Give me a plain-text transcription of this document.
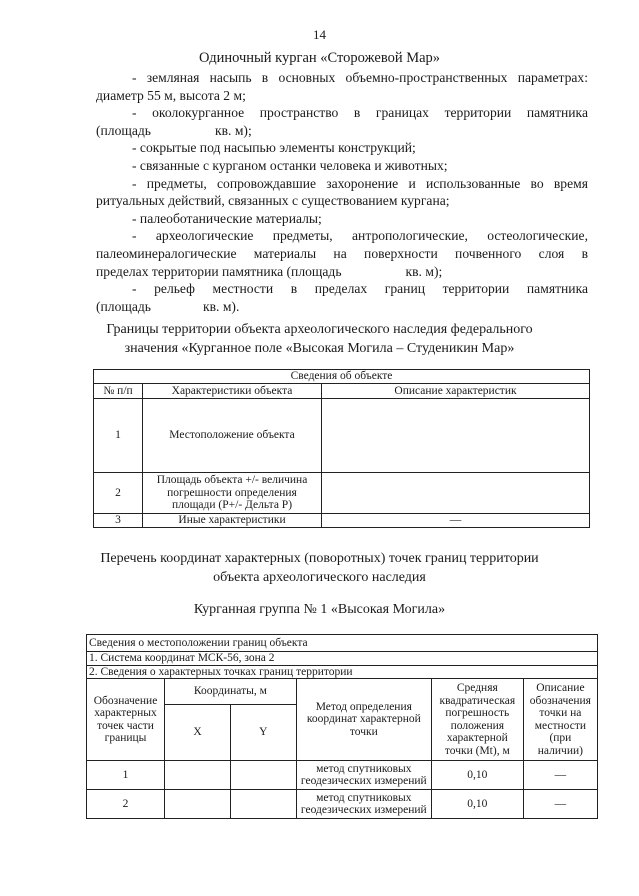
14
Одиночный курган «Сторожевой Мар»

- земляная насыпь в основных объемно-пространственных параметрах:

диаметр 55 м, высота 2 м;

- околокурганное пространство в границах территории памятника

(площадь	кв. м);

- сокрытые под насыпью элементы конструкций;

- связанные с курганом останки человека и животных;

- предметы, сопровождавшие захоронение и использованные во время

ритуальных действий, связанных с существованием кургана;

- палеоботанические материалы;

- археологические предметы, антропологические, остеологические,

палеоминералогические материалы на поверхности почвенного слоя в

пределах территории памятника (площадь	кв. м);

- рельеф местности в пределах границ территории памятника

(площадь	кв. м).

Границы территории объекта археологического наследия федерального
значения «Курганное поле «Высокая Могила – Студеникин Мар»
Сведения об объекте		
№ п/п	Характеристики объекта	Описание характеристик
1	Местоположение объекта	
2	Площадь объекта +/- величина погрешности определения площади (Р+/- Дельта Р)	
3	Иные характеристики	—
Перечень координат характерных (поворотных) точек границ территории
объекта археологического наследия
Курганная группа № 1 «Высокая Могила»
Сведения о местоположении границ объекта					
1. Система координат МСК-56, зона 2					
2. Сведения о характерных точках границ территории					
Обозначение характерных точек части границы	Координаты, м		Метод определения координат характерной точки	Средняя квадратическая погрешность положения характерной точки (Mt), м	Описание обозначения точки на местности (при наличии)
	X	Y			
1			метод спутниковых геодезических измерений	0,10	—
2			метод спутниковых геодезических измерений	0,10	—
